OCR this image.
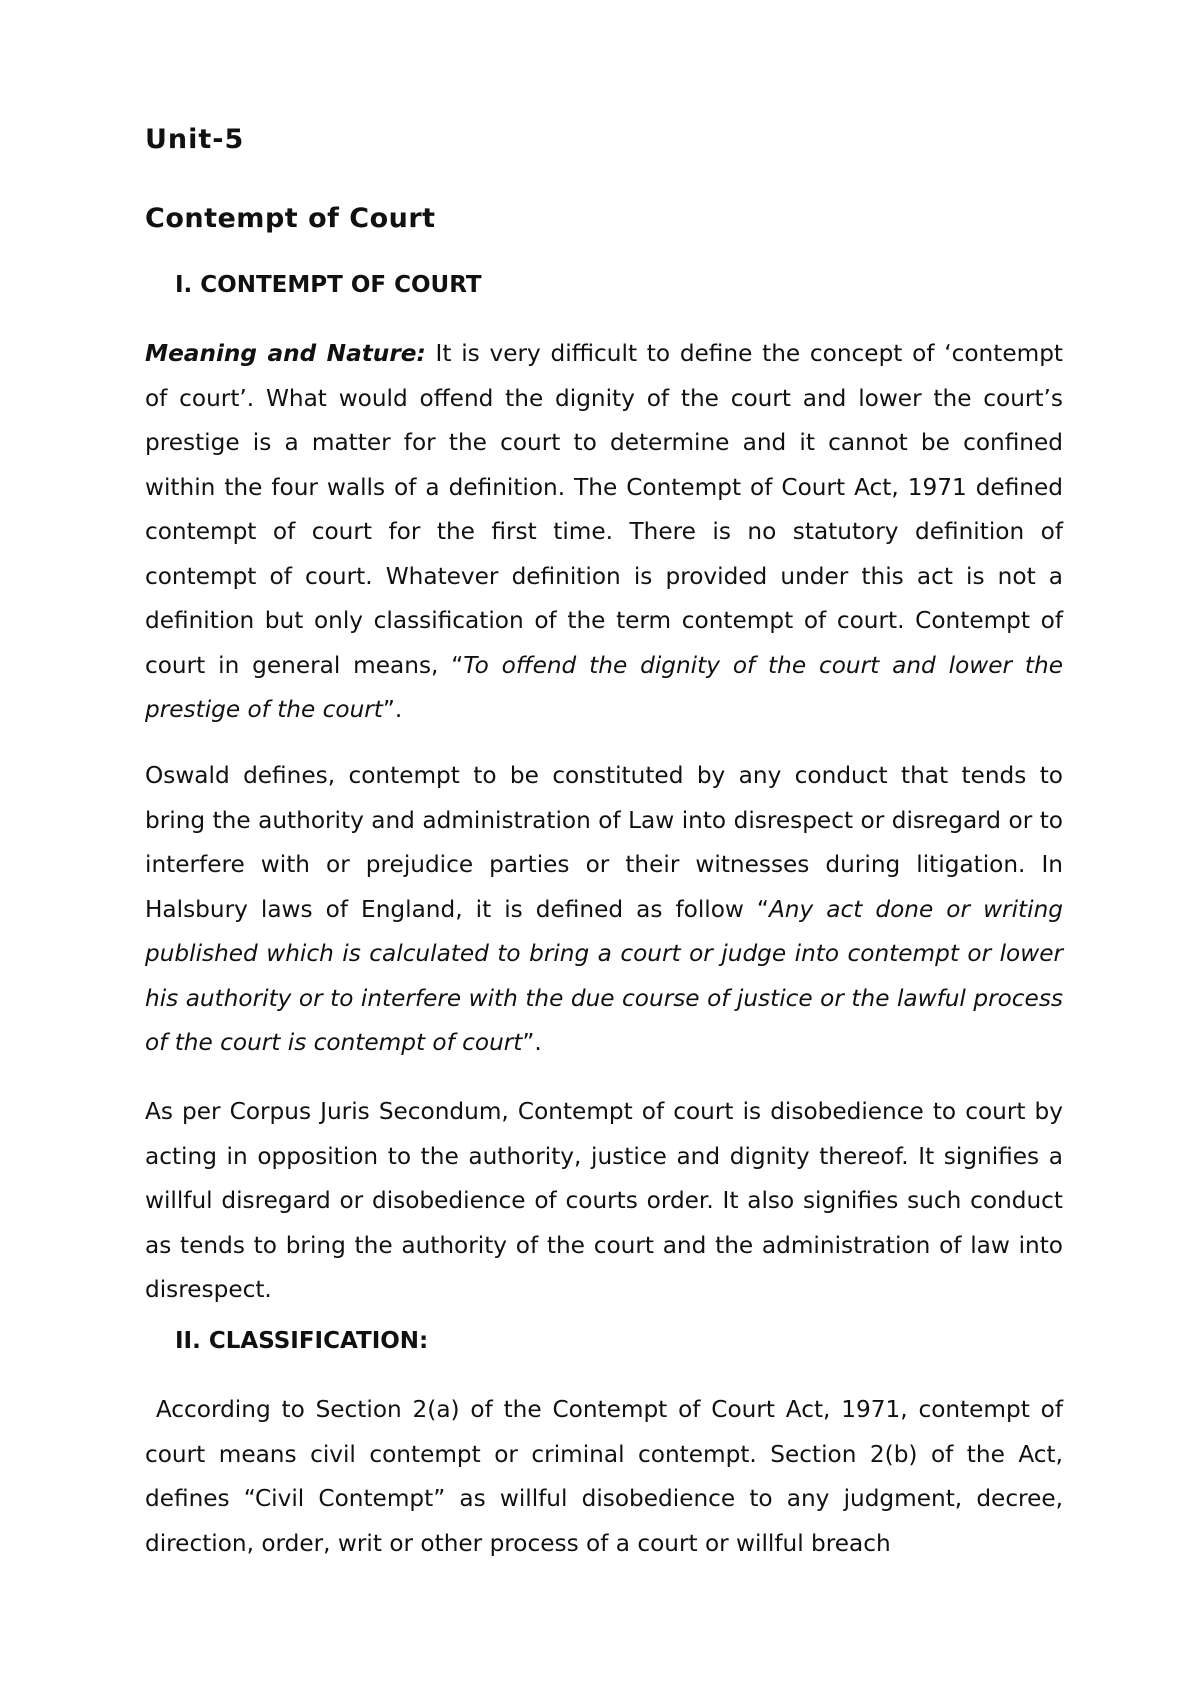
Unit-5
Contempt of Court
I. CONTEMPT OF COURT

Meaning and Nature: It is very difficult to define the concept of ‘contempt of court’. What would offend the dignity of the court and lower the court’s prestige is a matter for the court to determine and it cannot be confined within the four walls of a definition. The Contempt of Court Act, 1971 defined contempt of court for the first time. There is no statutory definition of contempt of court. Whatever definition is provided under this act is not a definition but only classification of the term contempt of court. Contempt of court in general means, “To offend the dignity of the court and lower the prestige of the court”.

Oswald defines, contempt to be constituted by any conduct that tends to bring the authority and administration of Law into disrespect or disregard or to interfere with or prejudice parties or their witnesses during litigation. In Halsbury laws of England, it is defined as follow “Any act done or writing published which is calculated to bring a court or judge into contempt or lower his authority or to interfere with the due course of justice or the lawful process of the court is contempt of court”.

As per Corpus Juris Secondum, Contempt of court is disobedience to court by acting in opposition to the authority, justice and dignity thereof. It signifies a willful disregard or disobedience of courts order. It also signifies such conduct as tends to bring the authority of the court and the administration of law into disrespect.

II. CLASSIFICATION:

According to Section 2(a) of the Contempt of Court Act, 1971, contempt of court means civil contempt or criminal contempt. Section 2(b) of the Act, defines “Civil Contempt” as willful disobedience to any judgment, decree, direction, order, writ or other process of a court or willful breach
